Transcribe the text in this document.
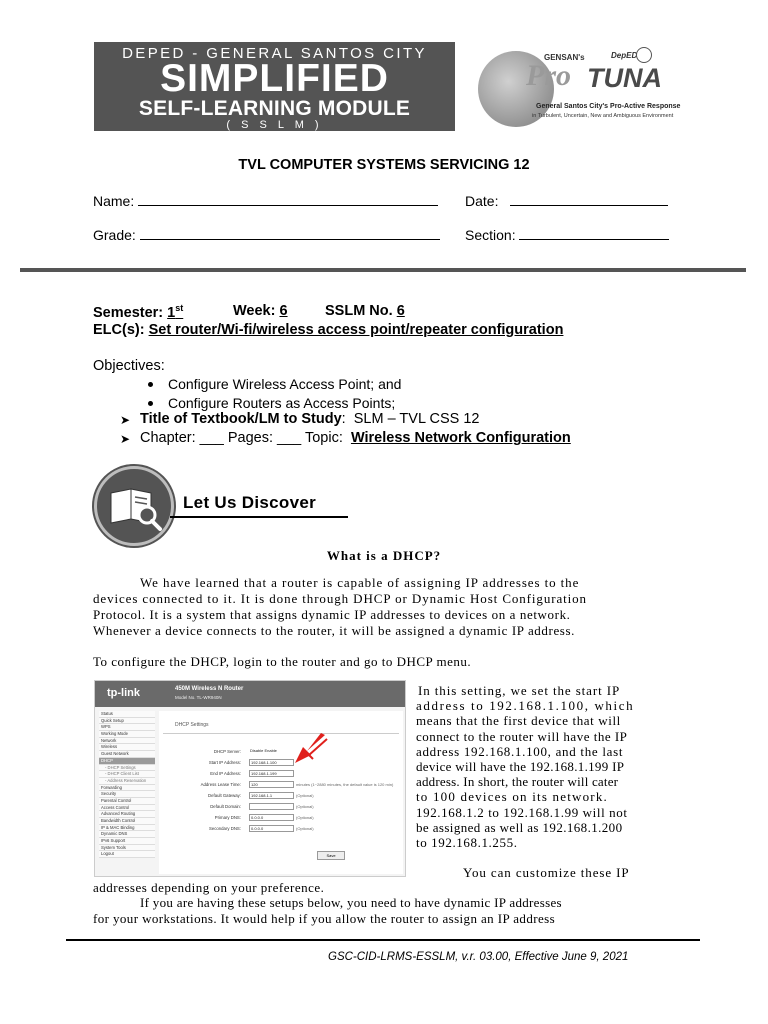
DEPED - GENERAL SANTOS CITY
SIMPLIFIED
SELF-LEARNING MODULE
( S S L M )
GENSAN's	DepED
Pro TUNA
General Santos City's Pro-Active Response
in Turbulent, Uncertain, New and Ambiguous Environment
TVL COMPUTER SYSTEMS SERVICING 12
Name:	Date:
Grade:	Section:
Semester: 1st	Week: 6	SSLM No. 6
ELC(s): Set router/Wi-fi/wireless access point/repeater configuration
Objectives:
Configure Wireless Access Point; and
Configure Routers as Access Points;
➤ Title of Textbook/LM to Study:  SLM – TVL CSS 12
➤ Chapter: ___ Pages: ___ Topic: Wireless Network Configuration
Let Us Discover
What is a DHCP?
We have learned that a router is capable of assigning IP addresses to the
devices connected to it. It is done through DHCP or Dynamic Host Configuration
Protocol. It is a system that assigns dynamic IP addresses to devices on a network.
Whenever a device connects to the router, it will be assigned a dynamic IP address.
To configure the DHCP, login to the router and go to DHCP menu.
tp-link	450M Wireless N Router
Model No. TL-WR940N
Status
Quick Setup
WPS
Working Mode
Network
Wireless
Guest Network
DHCP
- DHCP Settings
- DHCP Client List
- Address Reservation
Forwarding
Security
Parental Control
Access Control
Advanced Routing
Bandwidth Control
IP & MAC Binding
Dynamic DNS
IPv6 Support
System Tools
Logout
DHCP Settings
DHCP Server: Disable Enable
Start IP Address:	192.168.1.100
End IP Address:	192.168.1.199
Address Lease Time:	120	minutes (1~2880 minutes, the default value is 120 min)
Default Gateway:	192.168.1.1	(Optional)
Default Domain:	(Optional)
Primary DNS:	0.0.0.0	(Optional)
Secondary DNS:	0.0.0.0	(Optional)
Save
In this setting, we set the start IP
address to 192.168.1.100, which
means that the first device that will
connect to the router will have the IP
address 192.168.1.100, and the last
device will have the 192.168.1.199 IP
address. In short, the router will cater
to 100 devices on its network.
192.168.1.2 to 192.168.1.99 will not
be assigned as well as 192.168.1.200
to 192.168.1.255.
You can customize these IP
addresses depending on your preference.
If you are having these setups below, you need to have dynamic IP addresses
for your workstations. It would help if you allow the router to assign an IP address
GSC-CID-LRMS-ESSLM, v.r. 03.00, Effective June 9, 2021
